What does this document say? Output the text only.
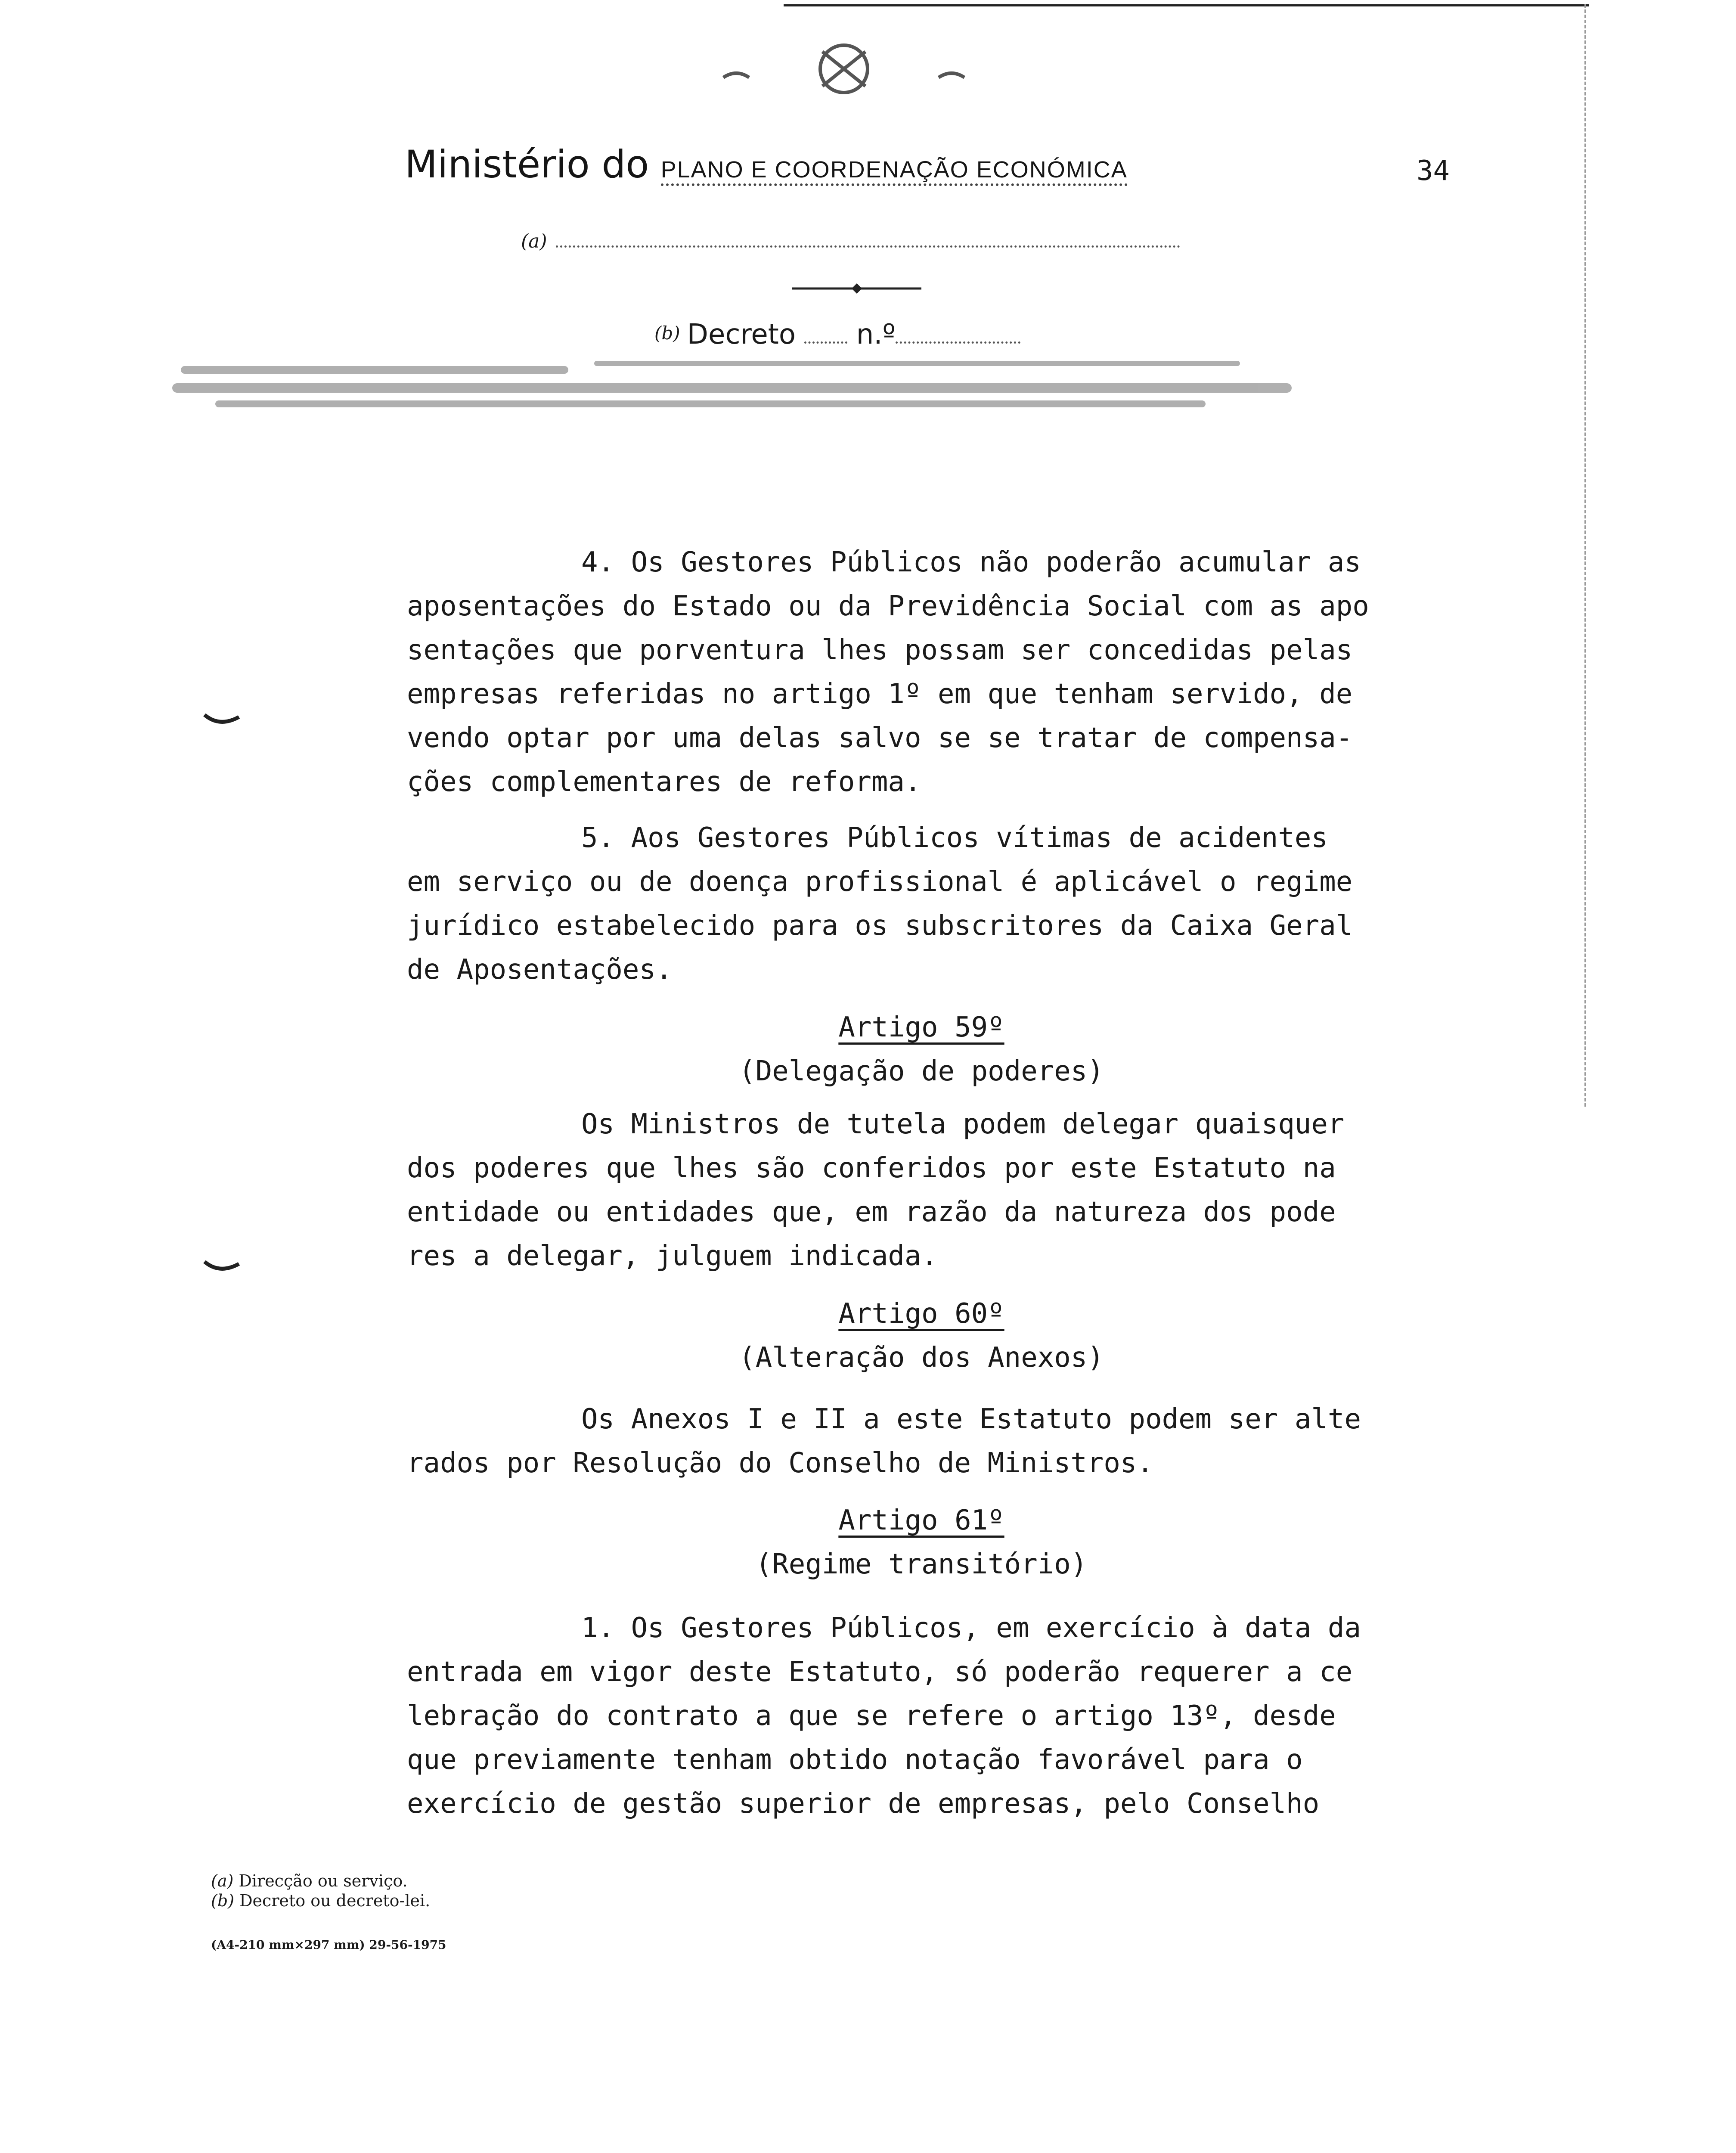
Ministério do PLANO E COORDENAÇÃO ECONÓMICA	34
(a)
$^{(b)}$ Decreto n.º
4. Os Gestores Públicos não poderão acumular as
aposentações do Estado ou da Previdência Social com as apo
sentações que porventura lhes possam ser concedidas pelas
empresas referidas no artigo 1º em que tenham servido, de
vendo optar por uma delas salvo se se tratar de compensa-
ções complementares de reforma.
5. Aos Gestores Públicos vítimas de acidentes
em serviço ou de doença profissional é aplicável o regime
jurídico estabelecido para os subscritores da Caixa Geral
de Aposentações.
Artigo 59º
(Delegação de poderes)
Os Ministros de tutela podem delegar quaisquer
dos poderes que lhes são conferidos por este Estatuto na
entidade ou entidades que, em razão da natureza dos pode
res a delegar, julguem indicada.
Artigo 60º
(Alteração dos Anexos)
Os Anexos I e II a este Estatuto podem ser alte
rados por Resolução do Conselho de Ministros.
Artigo 61º
(Regime transitório)
1. Os Gestores Públicos, em exercício à data da
entrada em vigor deste Estatuto, só poderão requerer a ce
lebração do contrato a que se refere o artigo 13º, desde
que previamente tenham obtido notação favorável para o
exercício de gestão superior de empresas, pelo Conselho
(a) Direcção ou serviço.
(b) Decreto ou decreto-lei.
(A4-210 mm×297 mm) 29-56-1975
